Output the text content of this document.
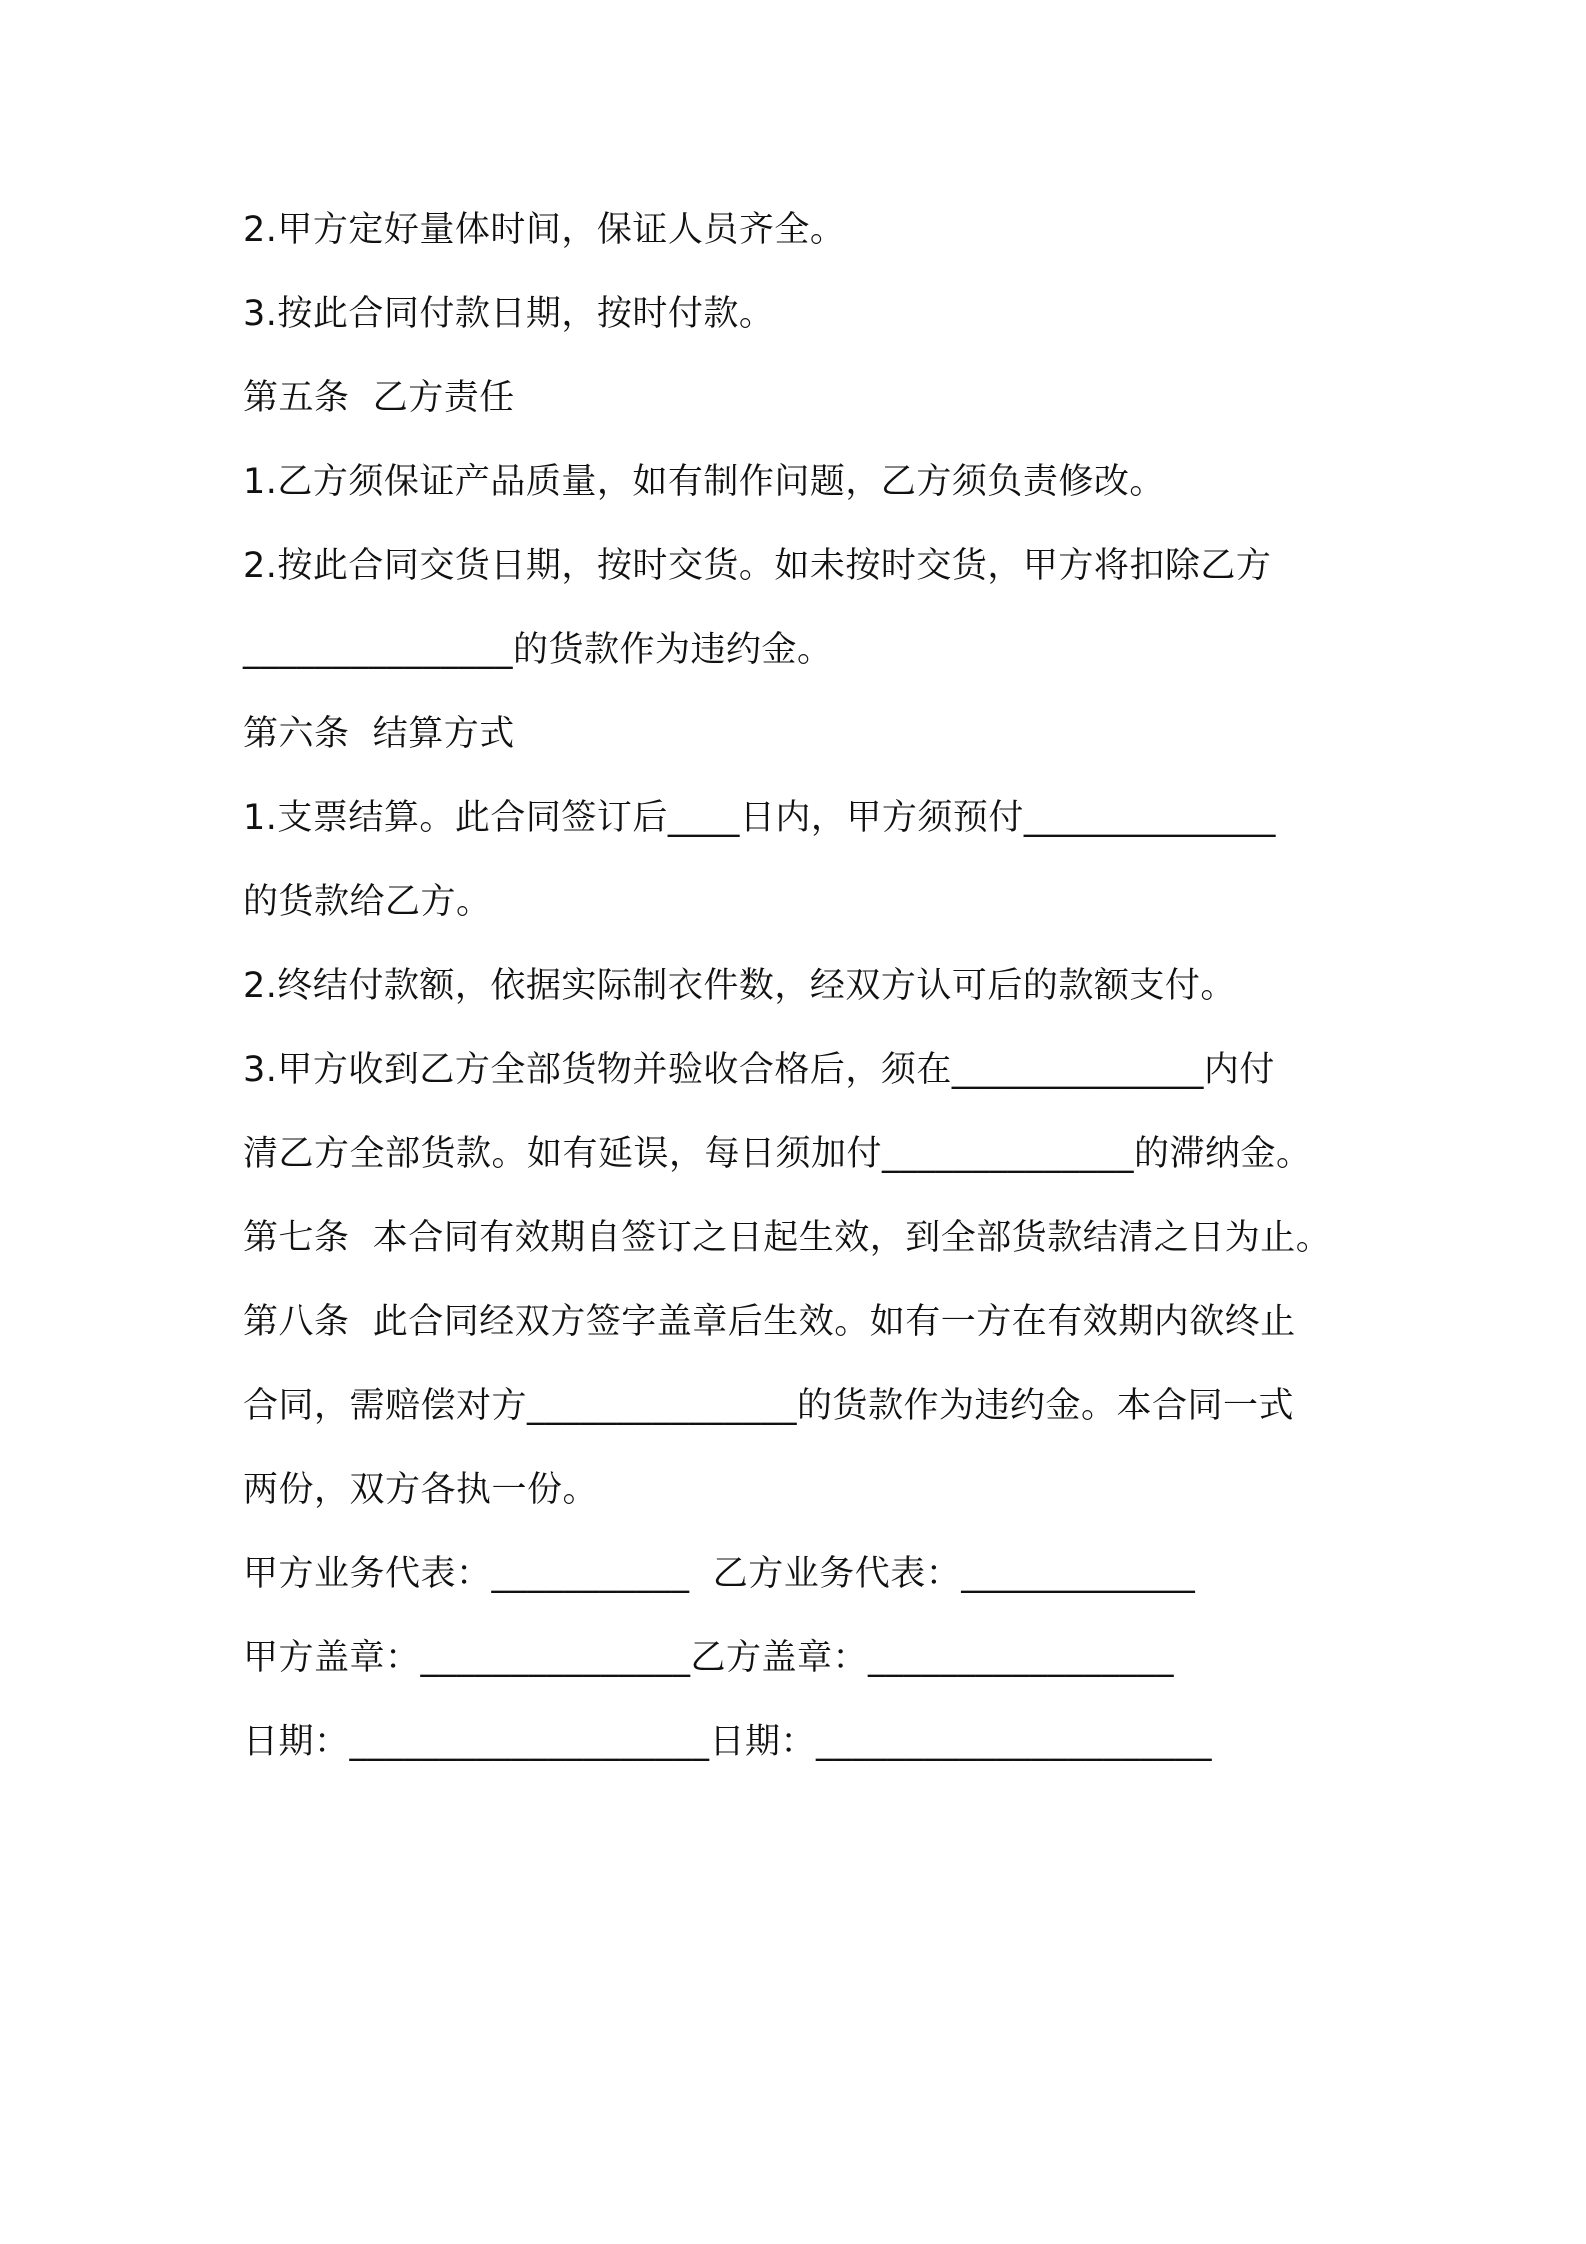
2.甲方定好量体时间，保证人员齐全。
3.按此合同付款日期，按时付款。
第五条  乙方责任
1.乙方须保证产品质量，如有制作问题，乙方须负责修改。
2.按此合同交货日期，按时交货。如未按时交货，甲方将扣除乙方
_______________的货款作为违约金。
第六条  结算方式
1.支票结算。此合同签订后____日内，甲方须预付______________
的货款给乙方。
2.终结付款额，依据实际制衣件数，经双方认可后的款额支付。
3.甲方收到乙方全部货物并验收合格后，须在______________内付
清乙方全部货款。如有延误，每日须加付______________的滞纳金。
第七条  本合同有效期自签订之日起生效，到全部货款结清之日为止。
第八条  此合同经双方签字盖章后生效。如有一方在有效期内欲终止
合同，需赔偿对方_______________的货款作为违约金。本合同一式
两份，双方各执一份。
甲方业务代表：___________  乙方业务代表：_____________
甲方盖章：_______________乙方盖章：_________________
日期：____________________日期：______________________
